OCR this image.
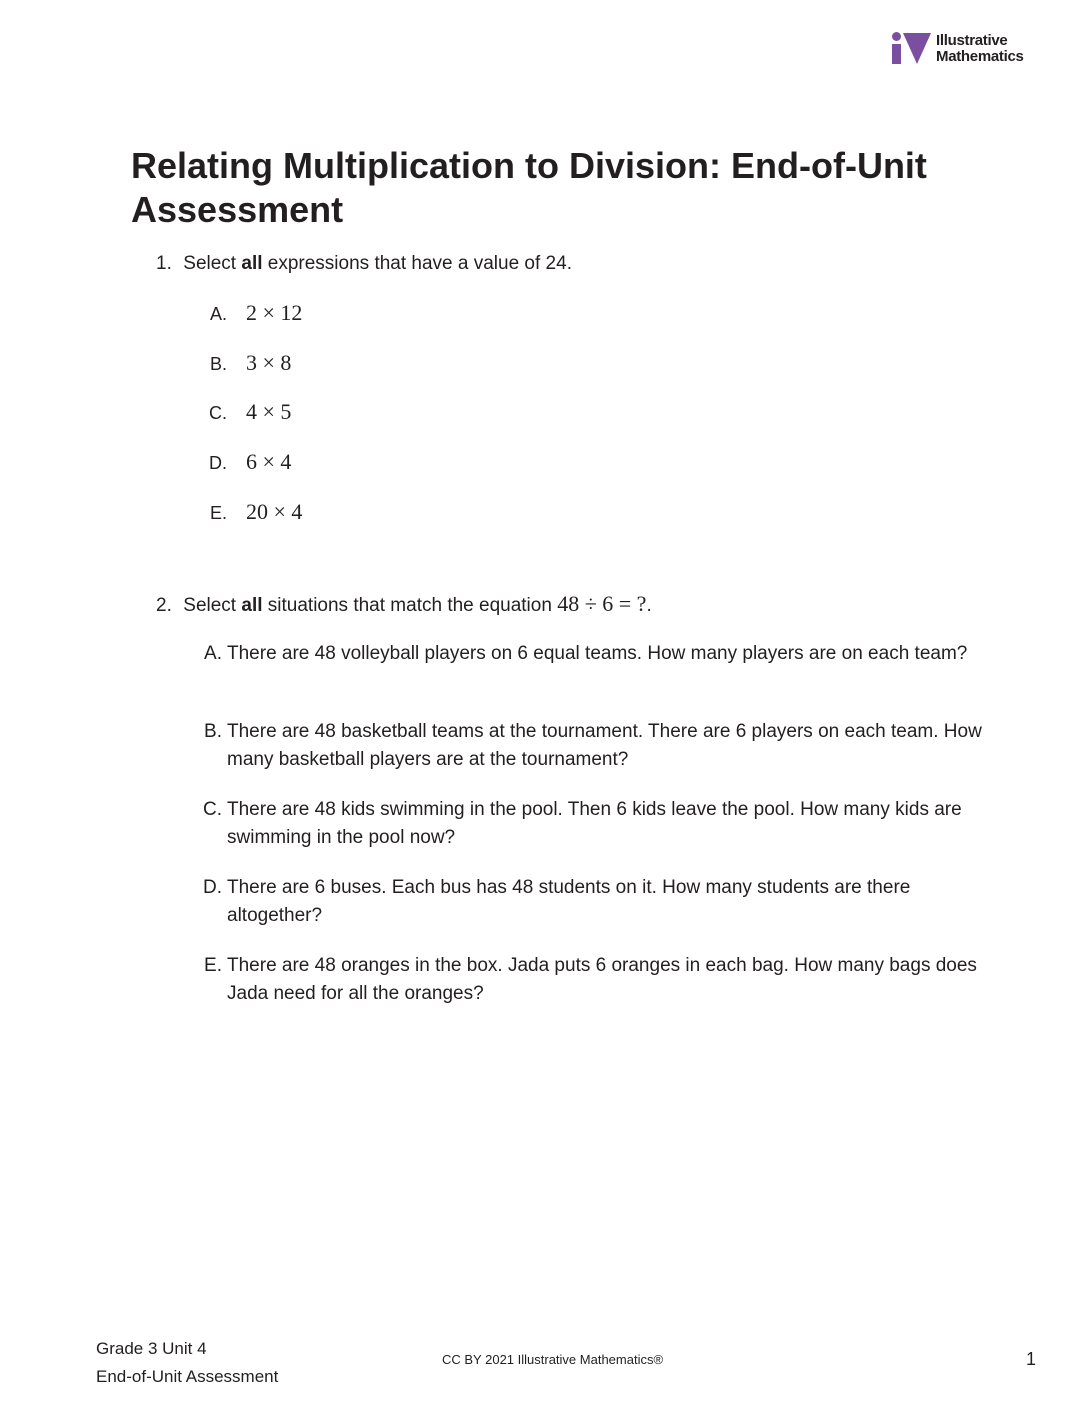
Illustrative
Mathematics
Relating Multiplication to Division: End-of-Unit Assessment
1. Select all expressions that have a value of 24.
A. 2 × 12
B. 3 × 8
C. 4 × 5
D. 6 × 4
E. 20 × 4
2. Select all situations that match the equation 48 ÷ 6 = ?.
A. There are 48 volleyball players on 6 equal teams. How many players are on each team?
B. There are 48 basketball teams at the tournament. There are 6 players on each team. How many basketball players are at the tournament?
C. There are 48 kids swimming in the pool. Then 6 kids leave the pool. How many kids are swimming in the pool now?
D. There are 6 buses. Each bus has 48 students on it. How many students are there altogether?
E. There are 48 oranges in the box. Jada puts 6 oranges in each bag. How many bags does Jada need for all the oranges?
Grade 3 Unit 4
End-of-Unit Assessment
CC BY 2021 Illustrative Mathematics®	1
